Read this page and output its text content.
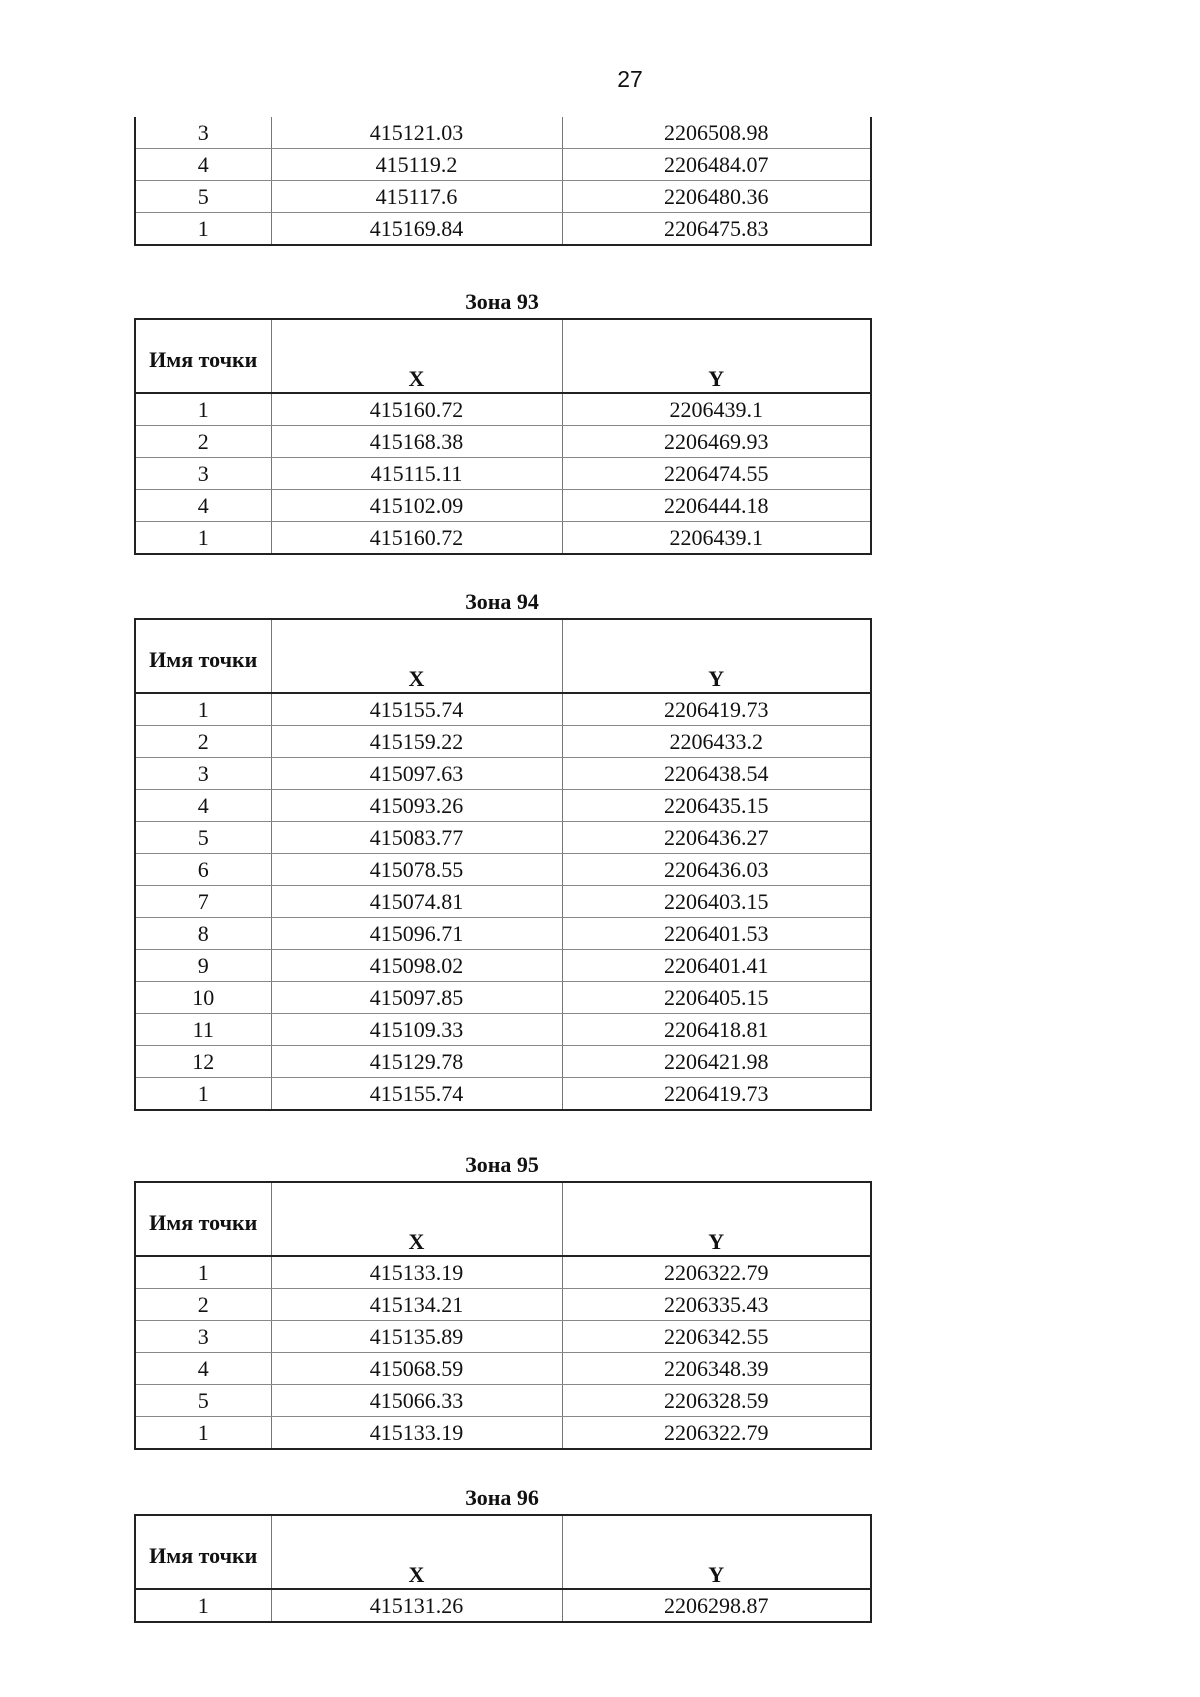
27
3	415121.03	2206508.98
4	415119.2	2206484.07
5	415117.6	2206480.36
1	415169.84	2206475.83
Зона 93
Имя точки	X	Y
1	415160.72	2206439.1
2	415168.38	2206469.93
3	415115.11	2206474.55
4	415102.09	2206444.18
1	415160.72	2206439.1
Зона 94
Имя точки	X	Y
1	415155.74	2206419.73
2	415159.22	2206433.2
3	415097.63	2206438.54
4	415093.26	2206435.15
5	415083.77	2206436.27
6	415078.55	2206436.03
7	415074.81	2206403.15
8	415096.71	2206401.53
9	415098.02	2206401.41
10	415097.85	2206405.15
11	415109.33	2206418.81
12	415129.78	2206421.98
1	415155.74	2206419.73
Зона 95
Имя точки	X	Y
1	415133.19	2206322.79
2	415134.21	2206335.43
3	415135.89	2206342.55
4	415068.59	2206348.39
5	415066.33	2206328.59
1	415133.19	2206322.79
Зона 96
Имя точки	X	Y
1	415131.26	2206298.87
